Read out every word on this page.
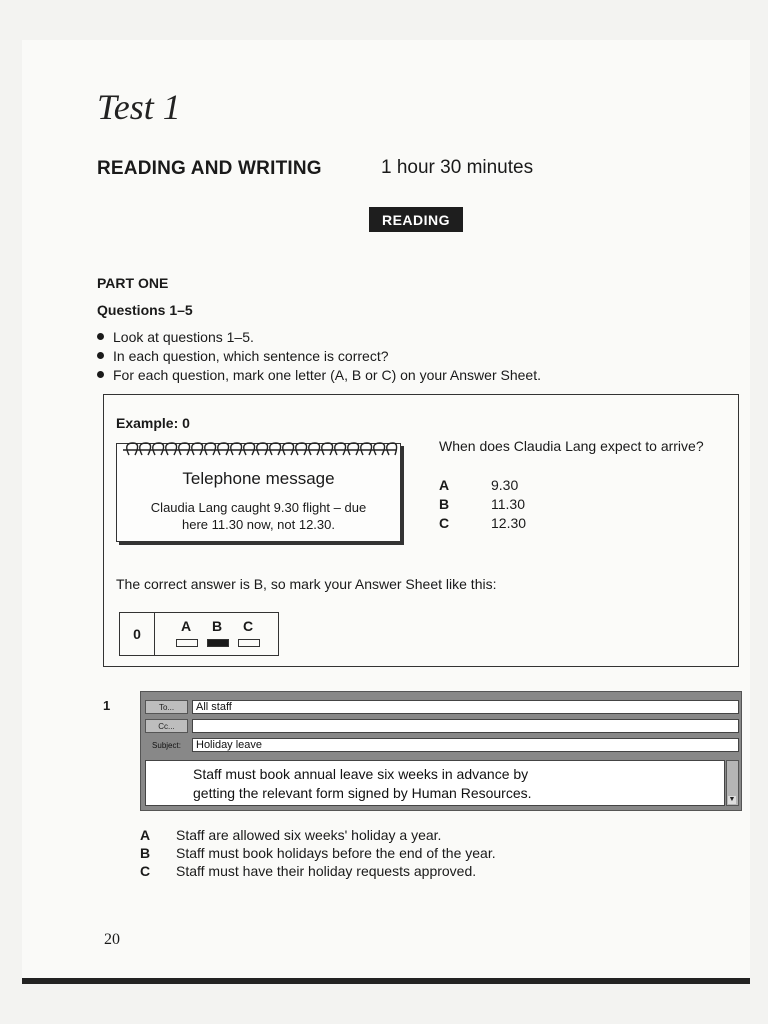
Test 1
READING AND WRITING	1 hour 30 minutes
READING
PART ONE
Questions 1–5
Look at questions 1–5.
In each question, which sentence is correct?
For each question, mark one letter (A, B or C) on your Answer Sheet.
Example: 0
Telephone message
Claudia Lang caught 9.30 flight – due
here 11.30 now, not 12.30.
When does Claudia Lang expect to arrive?
A	9.30
B	11.30
C	12.30
The correct answer is B, so mark your Answer Sheet like this:
0	A	B	C
1	To...	All staff
Cc...
Subject:	Holiday leave
Staff must book annual leave six weeks in advance by
getting the relevant form signed by Human Resources.	▼
A	Staff are allowed six weeks' holiday a year.
B	Staff must book holidays before the end of the year.
C	Staff must have their holiday requests approved.
20
